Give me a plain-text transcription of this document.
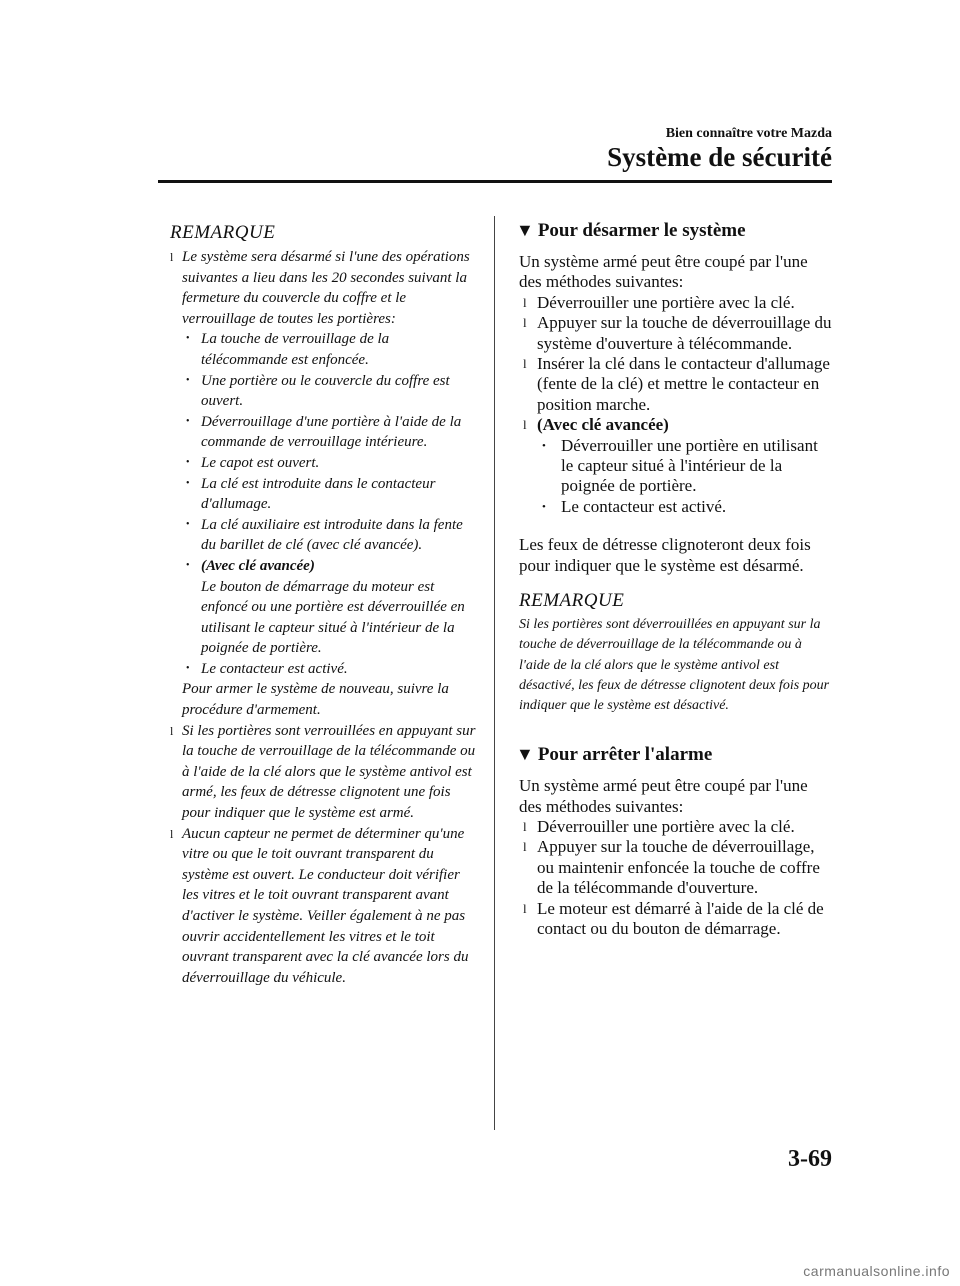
Bien connaître votre Mazda
Système de sécurité
REMARQUE
l Le système sera désarmé si l'une des opérations suivantes a lieu dans les 20 secondes suivant la fermeture du couvercle du coffre et le verrouillage de toutes les portières:
• La touche de verrouillage de la télécommande est enfoncée.
• Une portière ou le couvercle du coffre est ouvert.
• Déverrouillage d'une portière à l'aide de la commande de verrouillage intérieure.
• Le capot est ouvert.
• La clé est introduite dans le contacteur d'allumage.
• La clé auxiliaire est introduite dans la fente du barillet de clé (avec clé avancée).
• (Avec clé avancée)
Le bouton de démarrage du moteur est enfoncé ou une portière est déverrouillée en utilisant le capteur situé à l'intérieur de la poignée de portière.
• Le contacteur est activé.
Pour armer le système de nouveau, suivre la procédure d'armement.
l Si les portières sont verrouillées en appuyant sur la touche de verrouillage de la télécommande ou à l'aide de la clé alors que le système antivol est armé, les feux de détresse clignotent une fois pour indiquer que le système est armé.
l Aucun capteur ne permet de déterminer qu'une vitre ou que le toit ouvrant transparent du système est ouvert. Le conducteur doit vérifier les vitres et le toit ouvrant transparent avant d'activer le système. Veiller également à ne pas ouvrir accidentellement les vitres et le toit ouvrant transparent avec la clé avancée lors du déverrouillage du véhicule.
▼ Pour désarmer le système
Un système armé peut être coupé par l'une des méthodes suivantes:
l Déverrouiller une portière avec la clé.
l Appuyer sur la touche de déverrouillage du système d'ouverture à télécommande.
l Insérer la clé dans le contacteur d'allumage (fente de la clé) et mettre le contacteur en position marche.
l (Avec clé avancée)
• Déverrouiller une portière en utilisant le capteur situé à l'intérieur de la poignée de portière.
• Le contacteur est activé.
Les feux de détresse clignoteront deux fois pour indiquer que le système est désarmé.
REMARQUE
Si les portières sont déverrouillées en appuyant sur la touche de déverrouillage de la télécommande ou à l'aide de la clé alors que le système antivol est désactivé, les feux de détresse clignotent deux fois pour indiquer que le système est désactivé.
▼ Pour arrêter l'alarme
Un système armé peut être coupé par l'une des méthodes suivantes:
l Déverrouiller une portière avec la clé.
l Appuyer sur la touche de déverrouillage, ou maintenir enfoncée la touche de coffre de la télécommande d'ouverture.
l Le moteur est démarré à l'aide de la clé de contact ou du bouton de démarrage.
3-69
carmanualsonline.info
